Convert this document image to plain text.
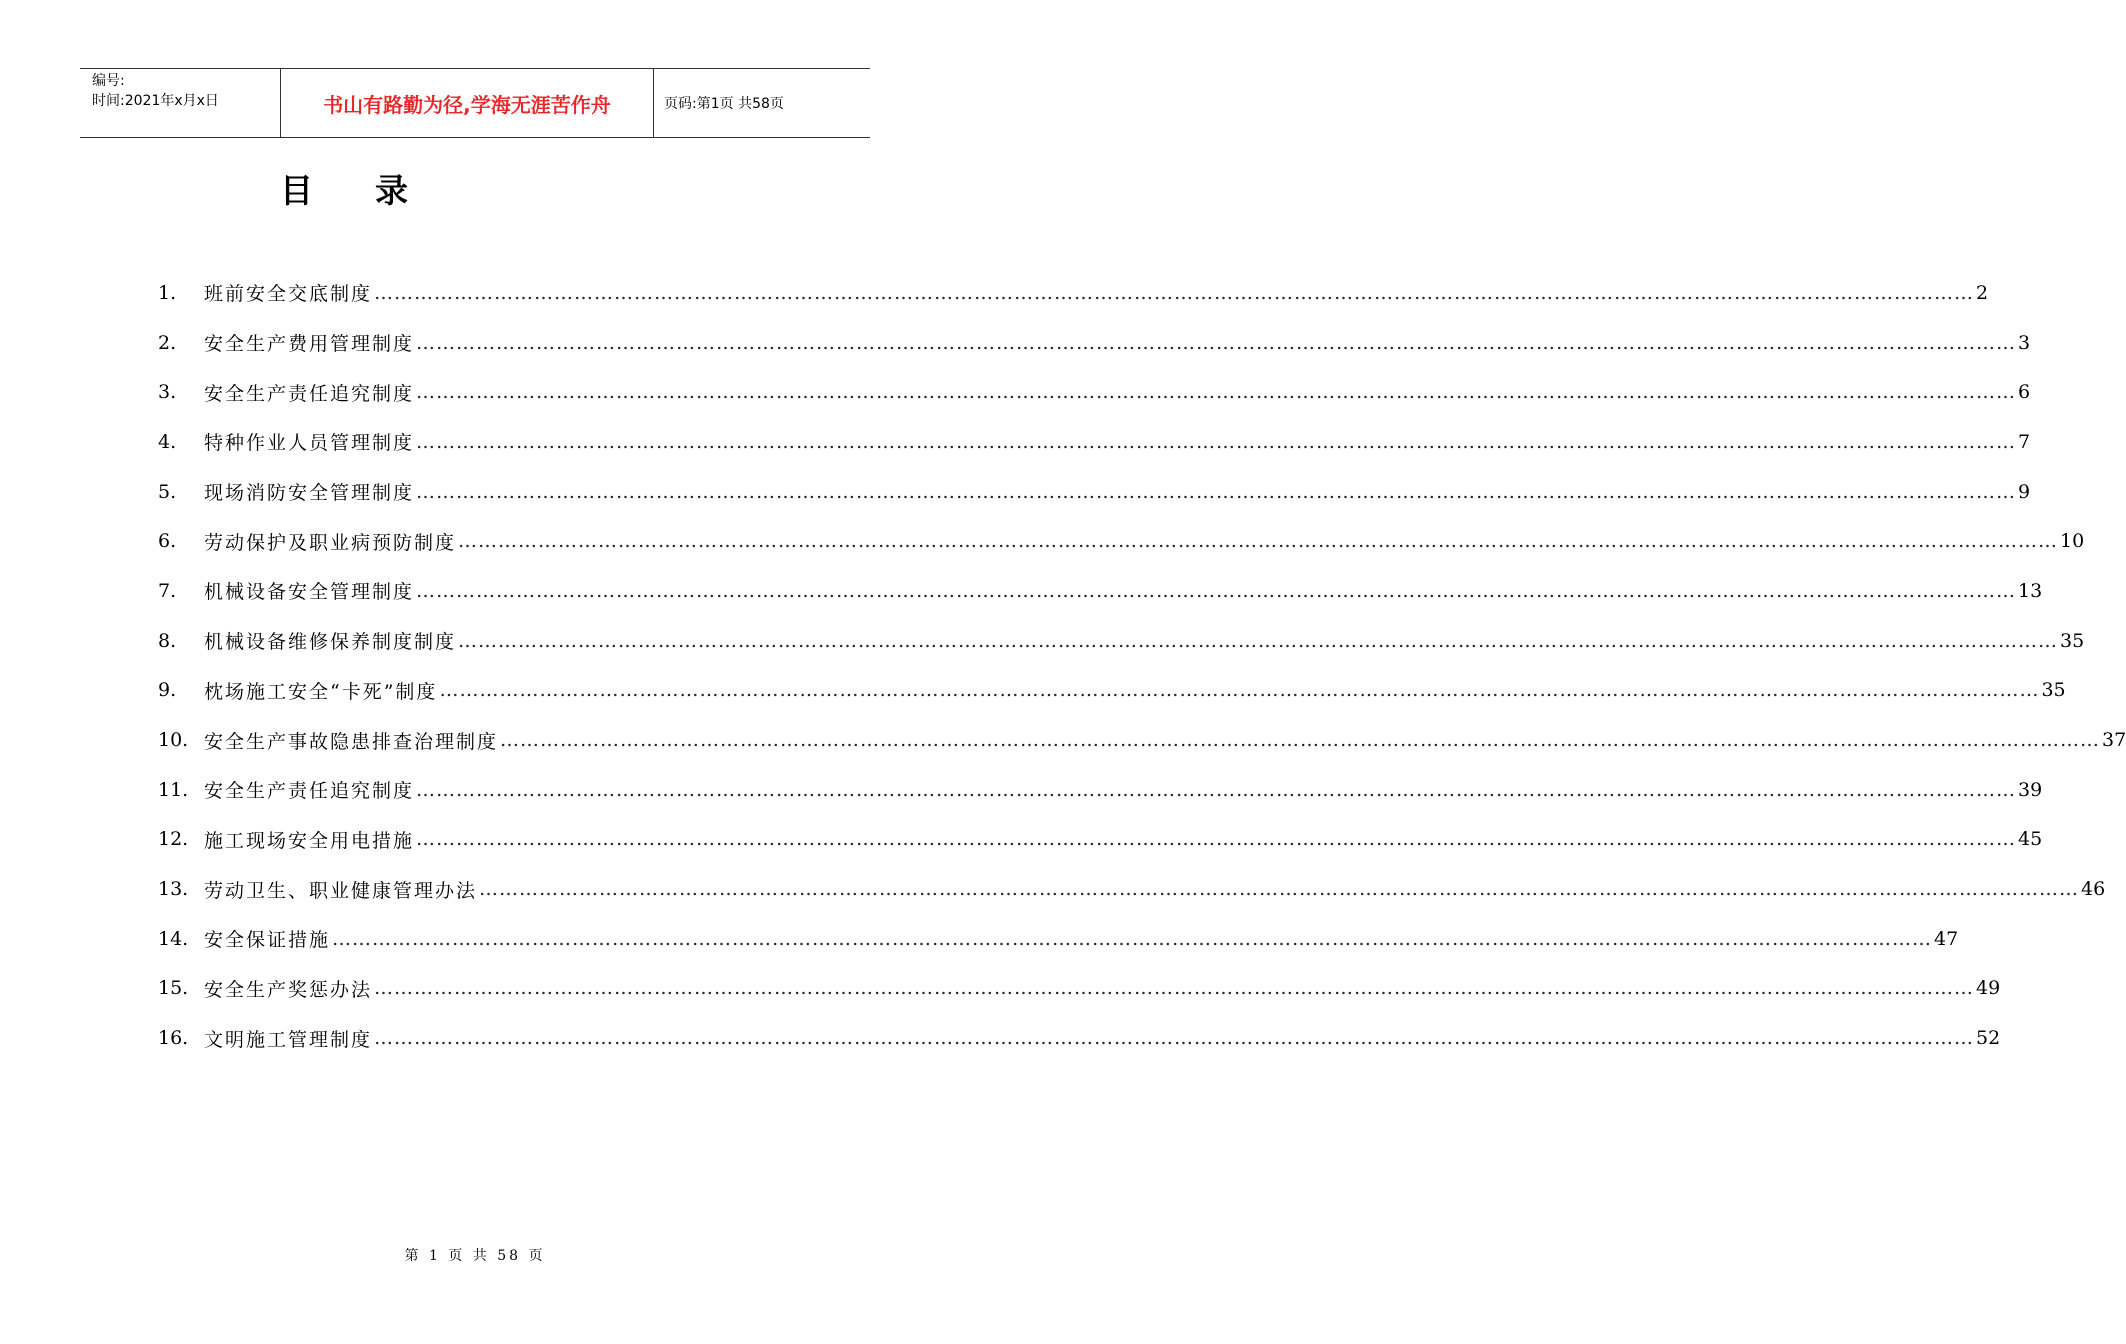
编号:
时间:2021年x月x日	书山有路勤为径,学海无涯苦作舟	页码:第1页 共58页
目录
1.	班前安全交底制度 …………………………………………………………………………………………………………………………………………………………………………………………………………………… 2
2.	安全生产费用管理制度 …………………………………………………………………………………………………………………………………………………………………………………………………………………… 3
3.	安全生产责任追究制度 …………………………………………………………………………………………………………………………………………………………………………………………………………………… 6
4.	特种作业人员管理制度 …………………………………………………………………………………………………………………………………………………………………………………………………………………… 7
5.	现场消防安全管理制度 …………………………………………………………………………………………………………………………………………………………………………………………………………………… 9
6.	劳动保护及职业病预防制度 …………………………………………………………………………………………………………………………………………………………………………………………………………………… 10
7.	机械设备安全管理制度 …………………………………………………………………………………………………………………………………………………………………………………………………………………… 13
8.	机械设备维修保养制度制度 …………………………………………………………………………………………………………………………………………………………………………………………………………………… 35
9.	枕场施工安全“卡死”制度 …………………………………………………………………………………………………………………………………………………………………………………………………………………… 35
10. 安全生产事故隐患排查治理制度 …………………………………………………………………………………………………………………………………………………………………………………………………………………… 37
11. 安全生产责任追究制度 …………………………………………………………………………………………………………………………………………………………………………………………………………………… 39
12. 施工现场安全用电措施 …………………………………………………………………………………………………………………………………………………………………………………………………………………… 45
13. 劳动卫生、职业健康管理办法 …………………………………………………………………………………………………………………………………………………………………………………………………………………… 46
14. 安全保证措施 …………………………………………………………………………………………………………………………………………………………………………………………………………………… 47
15. 安全生产奖惩办法 …………………………………………………………………………………………………………………………………………………………………………………………………………………… 49
16. 文明施工管理制度 …………………………………………………………………………………………………………………………………………………………………………………………………………………… 52
第 1 页 共 58 页
